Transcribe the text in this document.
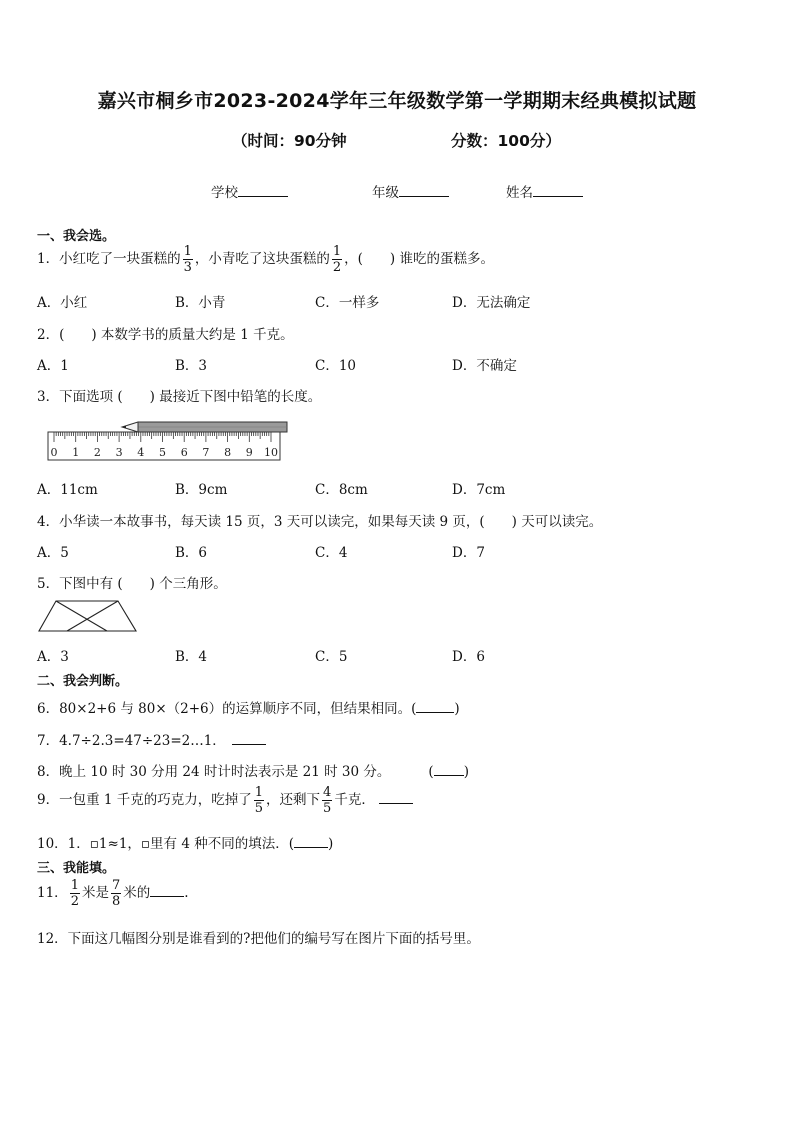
嘉兴市桐乡市2023-2024学年三年级数学第一学期期末经典模拟试题
（时间：90分钟	分数：100分）
学校	年级	姓名
一、我会选。
1．小红吃了一块蛋糕的 $\frac{1}{3}$ ，小青吃了这块蛋糕的 $\frac{1}{2}$ ，(　　) 谁吃的蛋糕多。
A．小红	B．小青	C．一样多	D．无法确定
2．(　　) 本数学书的质量大约是 1 千克。
A．1	B．3	C．10	D．不确定
3．下面选项 (　　) 最接近下图中铅笔的长度。
0 1 2 3 4 5 6 7 8 9 10
A．11cm	B．9cm	C．8cm	D．7cm
4．小华读一本故事书，每天读 15 页，3 天可以读完，如果每天读 9 页，(　　) 天可以读完。
A．5	B．6	C．4	D．7
5．下图中有 (　　) 个三角形。
A．3	B．4	C．5	D．6
二、我会判断。
6．80×2+6 与 80×（2+6）的运算顺序不同，但结果相同。(	)
7．4.7÷2.3=47÷23=2…1．
8．晚上 10 时 30 分用 24 时计时法表示是 21 时 30 分。	( )
9．一包重 1 千克的巧克力，吃掉了 $\frac{1}{5}$ ，还剩下 $\frac{4}{5}$ 千克．
10．1．▫1≈1，▫里有 4 种不同的填法．(	)
三、我能填。
11． $\frac{1}{2}$ 米是 $\frac{7}{8}$ 米的	.
12．下面这几幅图分别是谁看到的?把他们的编号写在图片下面的括号里。
